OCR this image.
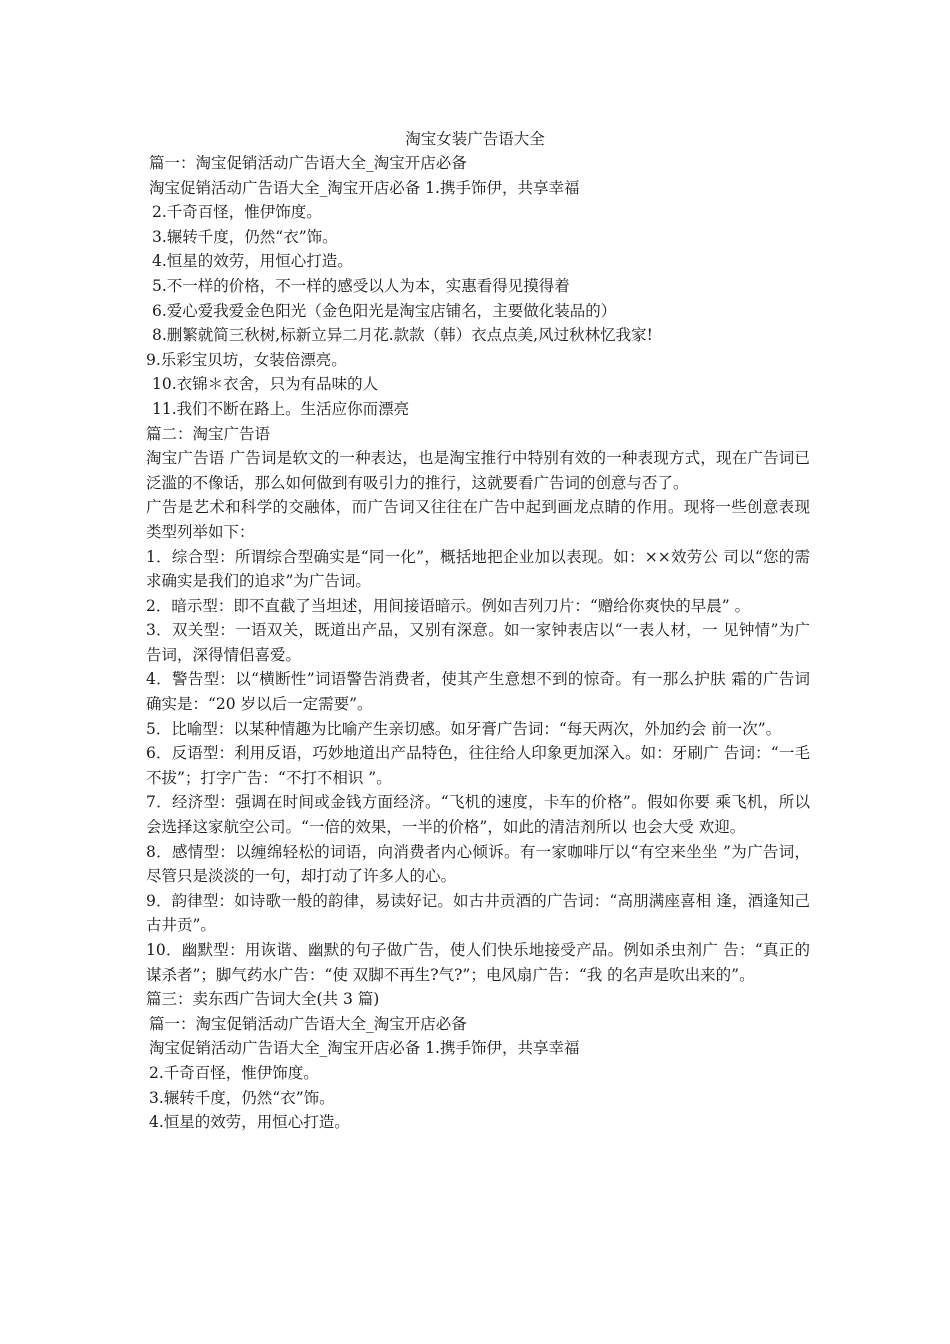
淘宝女装广告语大全

篇一：淘宝促销活动广告语大全_淘宝开店必备

淘宝促销活动广告语大全_淘宝开店必备 1.携手饰伊，共享幸福

2.千奇百怪，惟伊饰度。

3.辗转千度，仍然“衣”饰。

4.恒星的效劳，用恒心打造。

5.不一样的价格，不一样的感受以人为本，实惠看得见摸得着

6.爱心爱我爱金色阳光（金色阳光是淘宝店铺名，主要做化装品的）

8.删繁就简三秋树,标新立异二月花.款款（韩）衣点点美,风过秋林忆我家!

9.乐彩宝贝坊，女装倍漂亮。

10.衣锦＊衣舍，只为有品味的人

11.我们不断在路上。生活应你而漂亮

篇二：淘宝广告语

淘宝广告语 广告词是软文的一种表达，也是淘宝推行中特别有效的一种表现方式，现在广告词已泛滥的不像话，那么如何做到有吸引力的推行，这就要看广告词的创意与否了。

广告是艺术和科学的交融体，而广告词又往往在广告中起到画龙点睛的作用。现将一些创意表现类型列举如下：

1．综合型：所谓综合型确实是“同一化”，概括地把企业加以表现。如：××效劳公 司以“您的需求确实是我们的追求”为广告词。

2．暗示型：即不直截了当坦述，用间接语暗示。例如吉列刀片：“赠给你爽快的早晨” 。

3．双关型：一语双关，既道出产品，又别有深意。如一家钟表店以“一表人材，一 见钟情”为广告词，深得情侣喜爱。

4．警告型：以“横断性”词语警告消费者，使其产生意想不到的惊奇。有一那么护肤 霜的广告词确实是：“20 岁以后一定需要”。

5．比喻型：以某种情趣为比喻产生亲切感。如牙膏广告词：“每天两次，外加约会 前一次”。

6．反语型：利用反语，巧妙地道出产品特色，往往给人印象更加深入。如：牙刷广 告词：“一毛不拔”；打字广告：“不打不相识 ”。

7．经济型：强调在时间或金钱方面经济。“飞机的速度，卡车的价格”。假如你要 乘飞机，所以会选择这家航空公司。“一倍的效果，一半的价格”，如此的清洁剂所以 也会大受 欢迎。

8．感情型：以缠绵轻松的词语，向消费者内心倾诉。有一家咖啡厅以“有空来坐坐 ”为广告词，尽管只是淡淡的一句，却打动了许多人的心。

9．韵律型：如诗歌一般的韵律，易读好记。如古井贡酒的广告词：“高朋满座喜相 逢，酒逢知己古井贡”。

10．幽默型：用诙谐、幽默的句子做广告，使人们快乐地接受产品。例如杀虫剂广 告：“真正的谋杀者”；脚气药水广告：“使 双脚不再生?气?”；电风扇广告：“我 的名声是吹出来的”。

篇三：卖东西广告词大全(共 3 篇)

篇一：淘宝促销活动广告语大全_淘宝开店必备

淘宝促销活动广告语大全_淘宝开店必备 1.携手饰伊，共享幸福

2.千奇百怪，惟伊饰度。

3.辗转千度，仍然“衣”饰。

4.恒星的效劳，用恒心打造。
